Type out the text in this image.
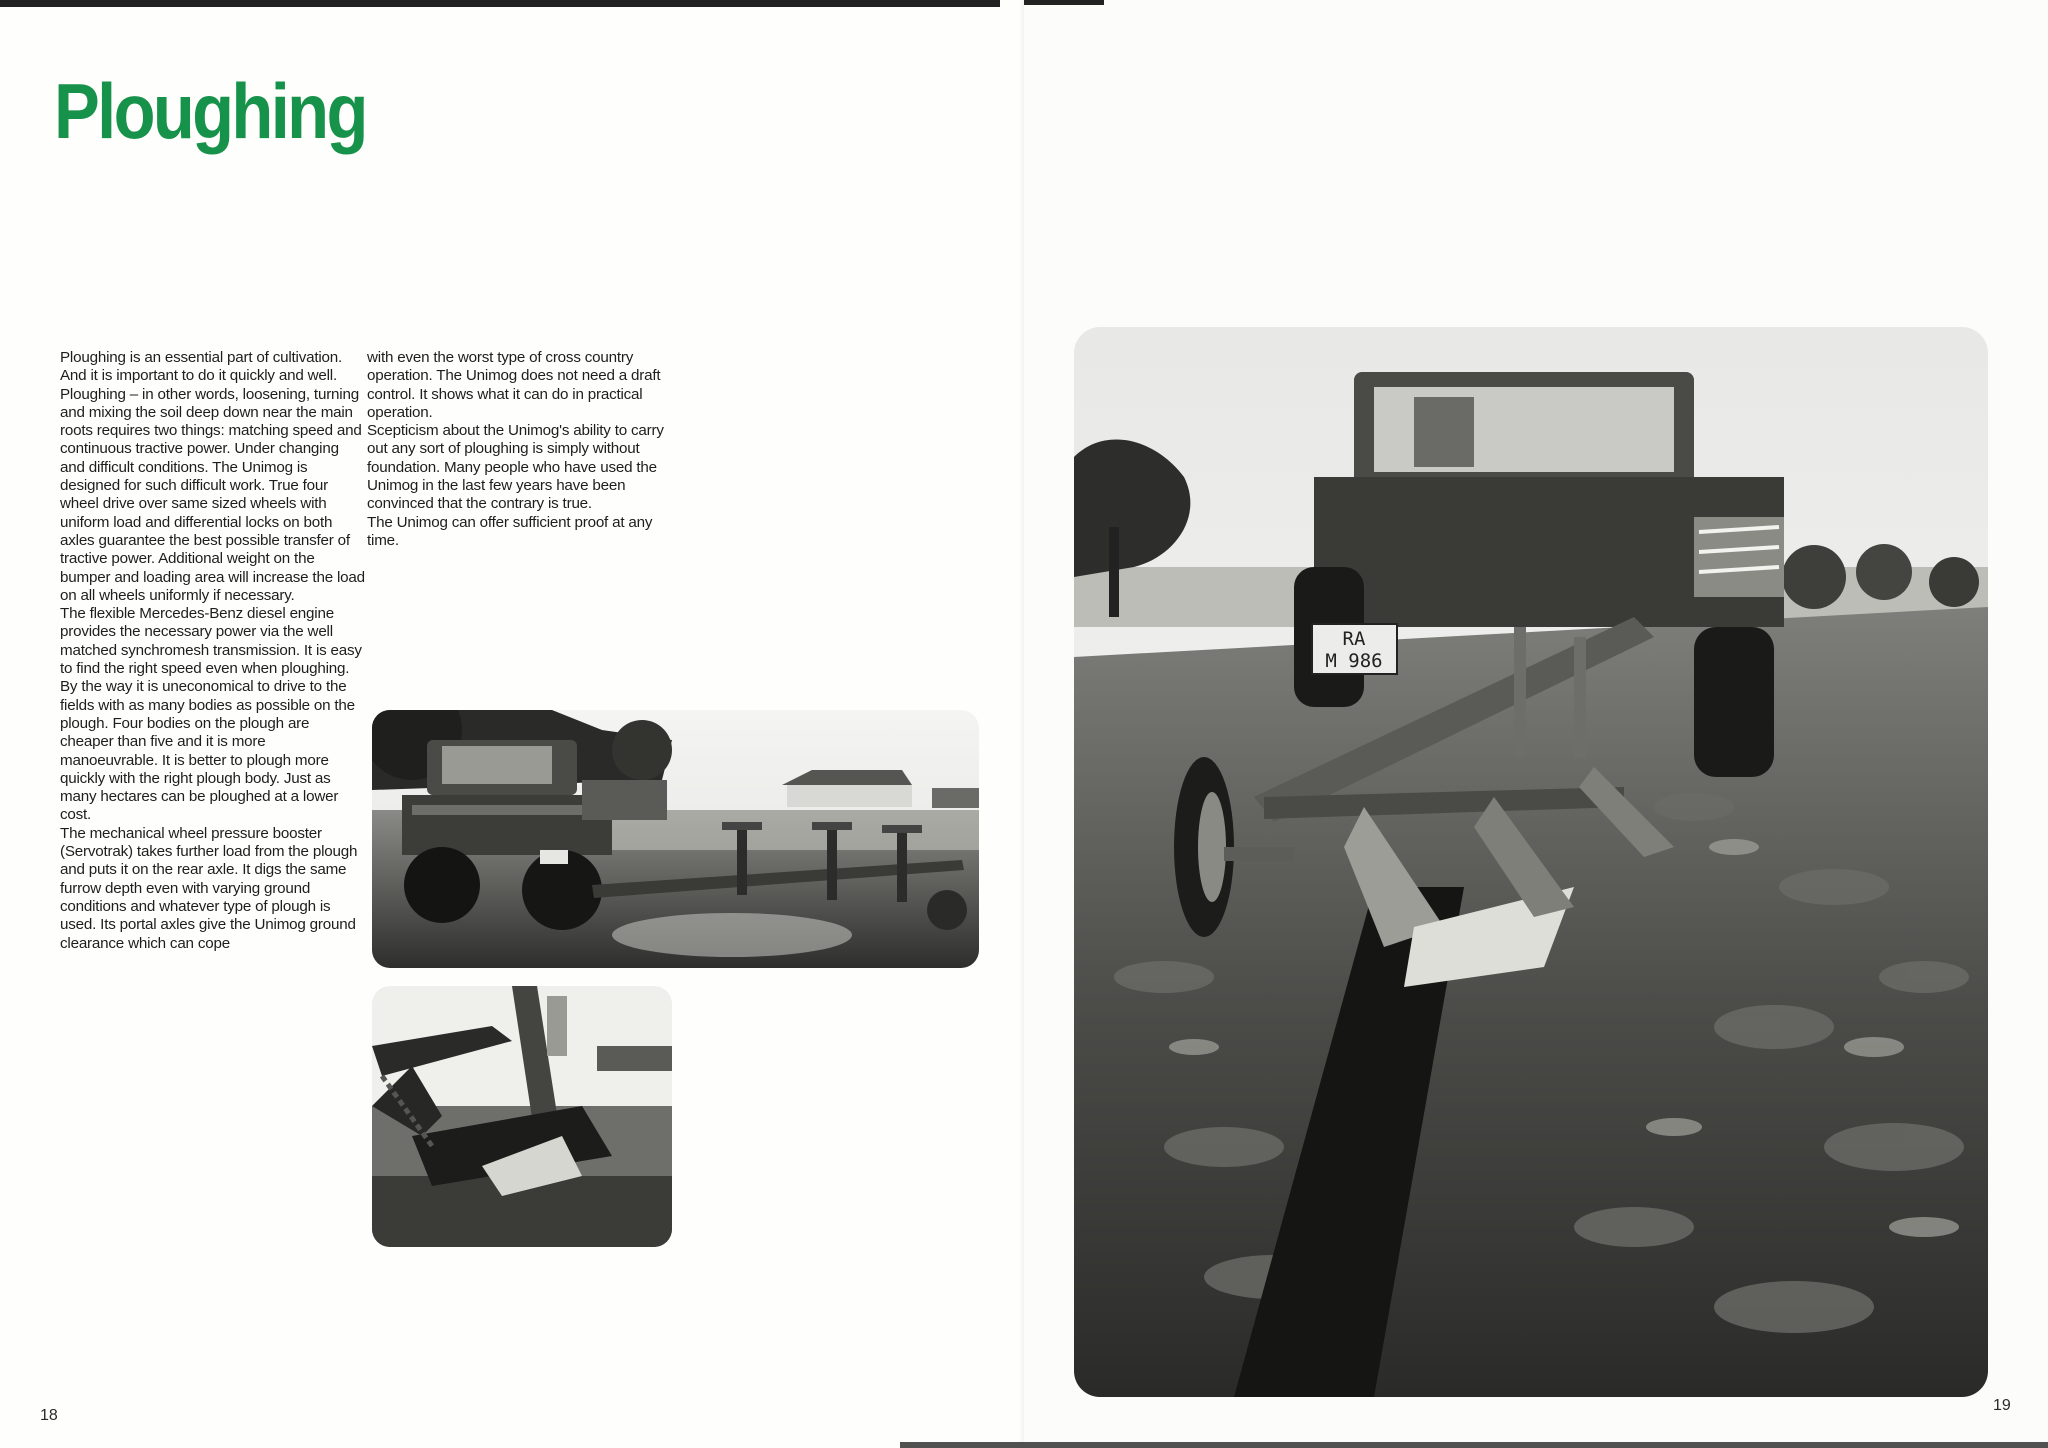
Ploughing

Ploughing is an essential part of cultivation. And it is important to do it quickly and well. Ploughing – in other words, loosening, turning and mixing the soil deep down near the main roots requires two things: matching speed and continuous tractive power. Under changing and difficult conditions. The Unimog is designed for such difficult work. True four wheel drive over same sized wheels with uniform load and differential locks on both axles guarantee the best possible transfer of tractive power. Additional weight on the bumper and loading area will increase the load on all wheels uniformly if necessary.

The flexible Mercedes-Benz diesel engine provides the necessary power via the well matched synchromesh transmission. It is easy to find the right speed even when ploughing. By the way it is uneconomical to drive to the fields with as many bodies as possible on the plough. Four bodies on the plough are cheaper than five and it is more manoeuvrable. It is better to plough more quickly with the right plough body. Just as many hectares can be ploughed at a lower cost.

The mechanical wheel pressure booster (Servotrak) takes further load from the plough and puts it on the rear axle. It digs the same furrow depth even with varying ground conditions and whatever type of plough is used. Its portal axles give the Unimog ground clearance which can cope

with even the worst type of cross country operation. The Unimog does not need a draft control. It shows what it can do in practical operation.

Scepticism about the Unimog's ability to carry out any sort of ploughing is simply without foundation. Many people who have used the Unimog in the last few years have been convinced that the contrary is true.

The Unimog can offer sufficient proof at any time.

18
RA
M 986
19
